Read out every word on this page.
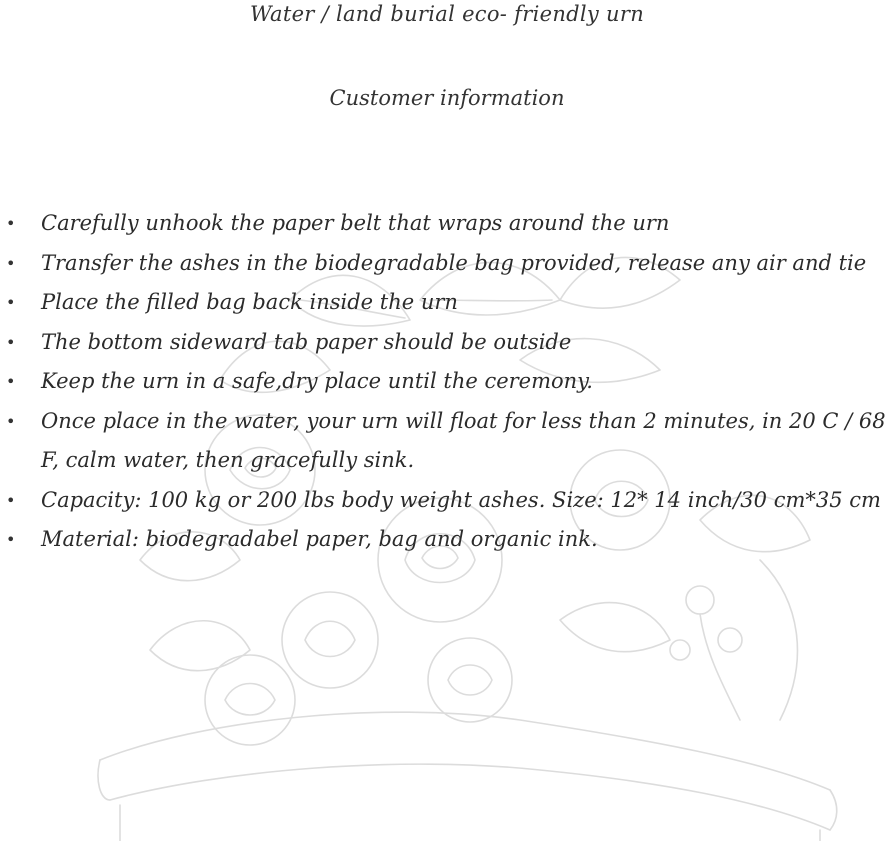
Water / land burial eco- friendly urn
Customer information
• Carefully unhook the paper belt that wraps around the urn
• Transfer the ashes in the biodegradable bag provided, release any air and tie
• Place the filled bag back inside the urn
• The bottom sideward tab paper should be outside
• Keep the urn in a safe,dry place until the ceremony.
• Once place in the water, your urn will float for less than 2 minutes, in 20 C / 68 F, calm water, then gracefully sink.
• Capacity: 100 kg or 200 lbs body weight ashes. Size: 12* 14 inch/30 cm*35 cm
• Material: biodegradabel paper, bag and organic ink.
